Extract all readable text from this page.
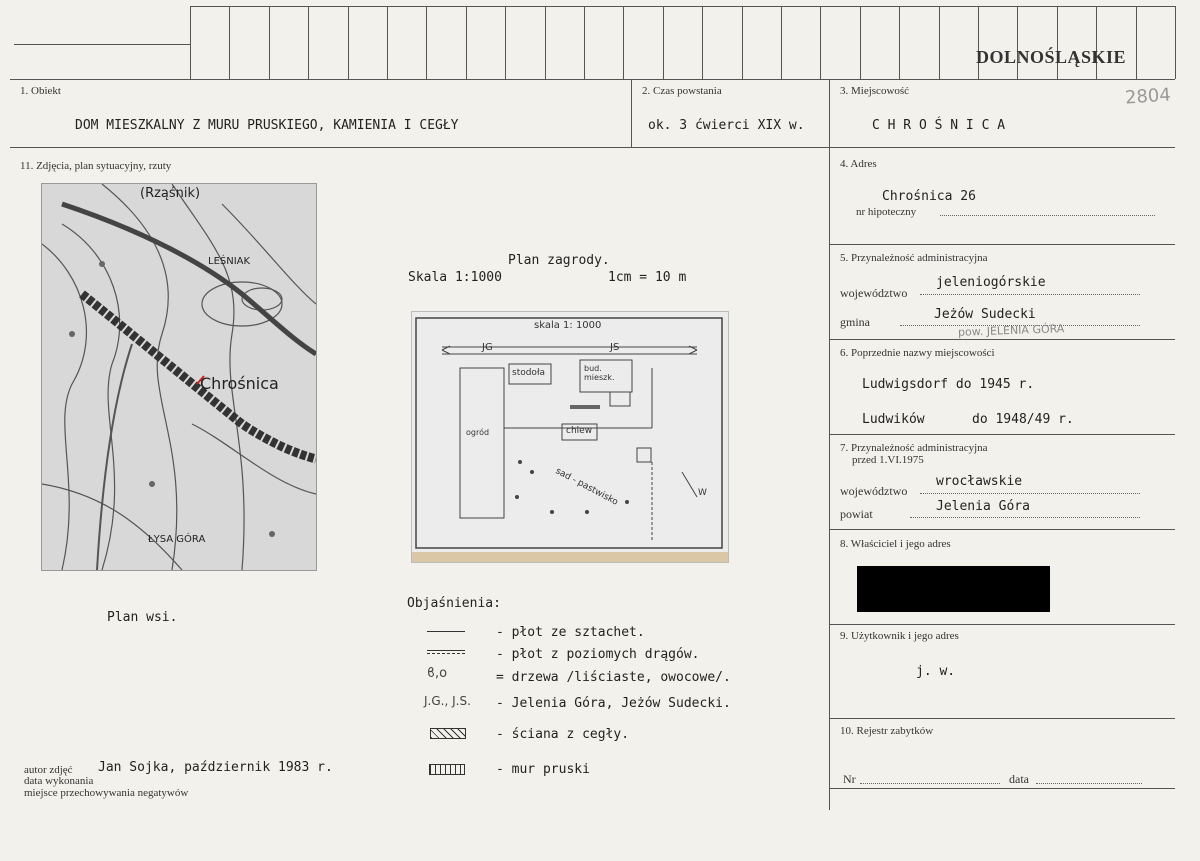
DOLNOŚLĄSKIE
1. Obiekt
DOM MIESZKALNY Z MURU PRUSKIEGO, KAMIENIA I CEGŁY
2. Czas powstania
ok. 3 ćwierci XIX w.
3. Miejscowość
C H R O Ś N I C A
2804
11. Zdjęcia, plan sytuacyjny, rzuty
(Rząśnik)
LEŚNIAK
Chrośnica
ŁYSA GÓRA
Plan wsi.
Plan zagrody.
Skala 1:1000	1cm = 10 m
skala 1: 1000
JG	JS
stodoła	bud. mieszk.
ogród	chlew
sad - pastwisko	W
Objaśnienia:
- płot ze sztachet.
- płot z poziomych drągów.
ϐ,o	= drzewa /liściaste, owocowe/.
J.G., J.S. - Jelenia Góra, Jeżów Sudecki.
- ściana z cegły.
- mur pruski
autor zdjęć Jan Sojka, październik 1983 r.
data wykonania
miejsce przechowywania negatywów
4. Adres
Chrośnica 26
nr hipoteczny
5. Przynależność administracyjna
województwo
jeleniogórskie
gmina	Jeżów Sudecki
pow. JELENIA GÓRA
6. Poprzednie nazwy miejscowości
Ludwigsdorf do 1945 r.
Ludwików	do 1948/49 r.
7. Przynależność administracyjna
przed 1.VI.1975
województwo
wrocławskie
powiat	Jelenia Góra
8. Właściciel i jego adres
9. Użytkownik i jego adres
j. w.
10. Rejestr zabytków
Nr	data
